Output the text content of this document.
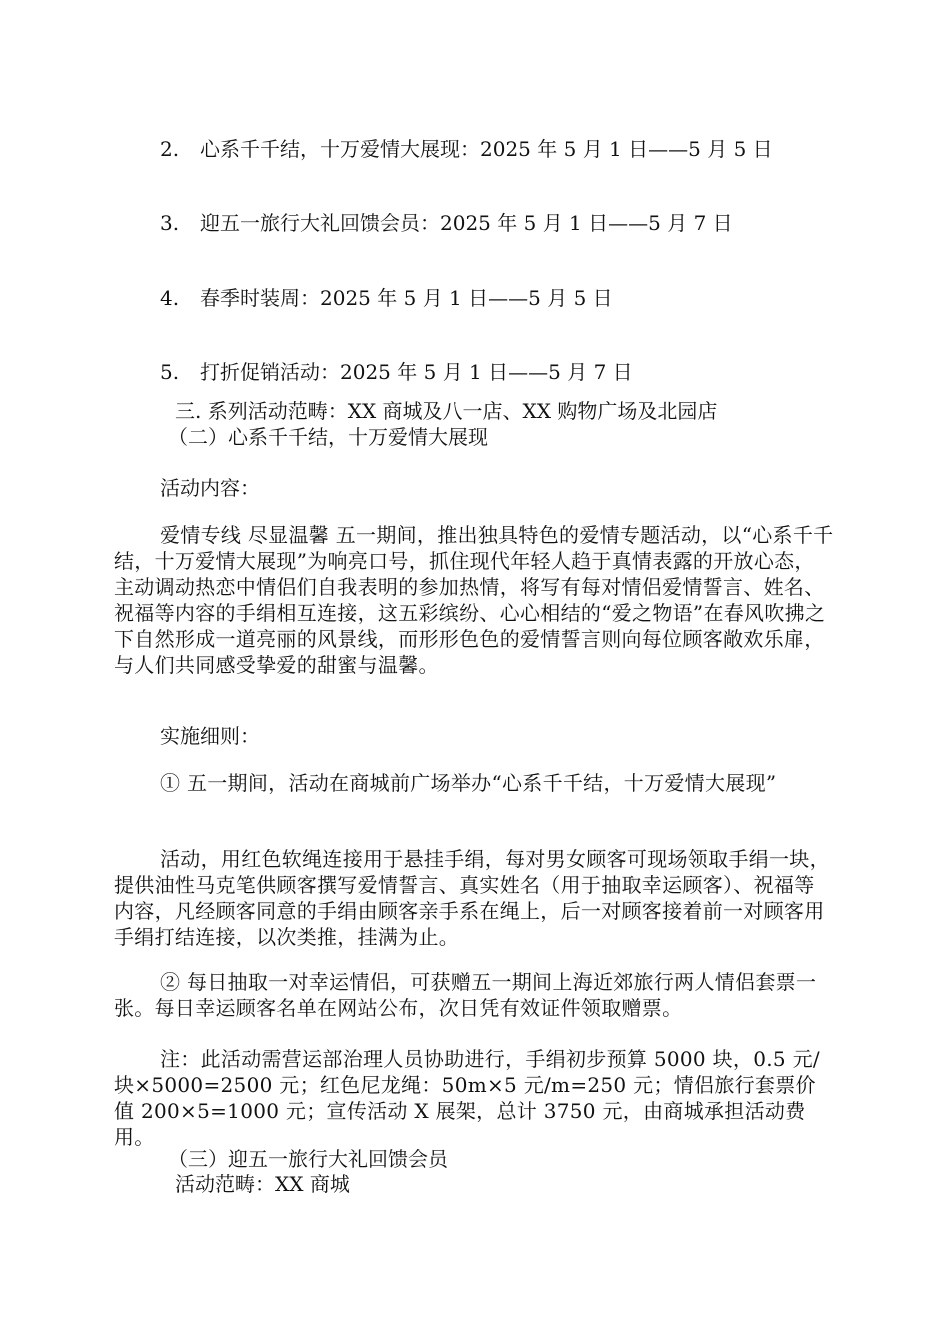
2. 心系千千结，十万爱情大展现：2025 年 5 月 1 日——5 月 5 日
3. 迎五一旅行大礼回馈会员：2025 年 5 月 1 日——5 月 7 日
4. 春季时装周：2025 年 5 月 1 日——5 月 5 日
5. 打折促销活动：2025 年 5 月 1 日——5 月 7 日
三. 系列活动范畴：XX 商城及八一店、XX 购物广场及北园店
（二）心系千千结，十万爱情大展现
活动内容：
爱情专线 尽显温馨 五一期间，推出独具特色的爱情专题活动，以“心系千千结，十万爱情大展现”为响亮口号，抓住现代年轻人趋于真情表露的开放心态，主动调动热恋中情侣们自我表明的参加热情，将写有每对情侣爱情誓言、姓名、祝福等内容的手绢相互连接，这五彩缤纷、心心相结的“爱之物语”在春风吹拂之下自然形成一道亮丽的风景线，而形形色色的爱情誓言则向每位顾客敞欢乐扉，与人们共同感受挚爱的甜蜜与温馨。
实施细则：
① 五一期间，活动在商城前广场举办“心系千千结，十万爱情大展现”
活动，用红色软绳连接用于悬挂手绢，每对男女顾客可现场领取手绢一块，提供油性马克笔供顾客撰写爱情誓言、真实姓名（用于抽取幸运顾客）、祝福等内容，凡经顾客同意的手绢由顾客亲手系在绳上，后一对顾客接着前一对顾客用手绢打结连接，以次类推，挂满为止。
② 每日抽取一对幸运情侣，可获赠五一期间上海近郊旅行两人情侣套票一张。每日幸运顾客名单在网站公布，次日凭有效证件领取赠票。
注：此活动需营运部治理人员协助进行，手绢初步预算 5000 块，0.5 元/块×5000=2500 元；红色尼龙绳：50m×5 元/m=250 元；情侣旅行套票价值 200×5=1000 元；宣传活动 X 展架，总计 3750 元，由商城承担活动费用。
（三）迎五一旅行大礼回馈会员
活动范畴：XX 商城
